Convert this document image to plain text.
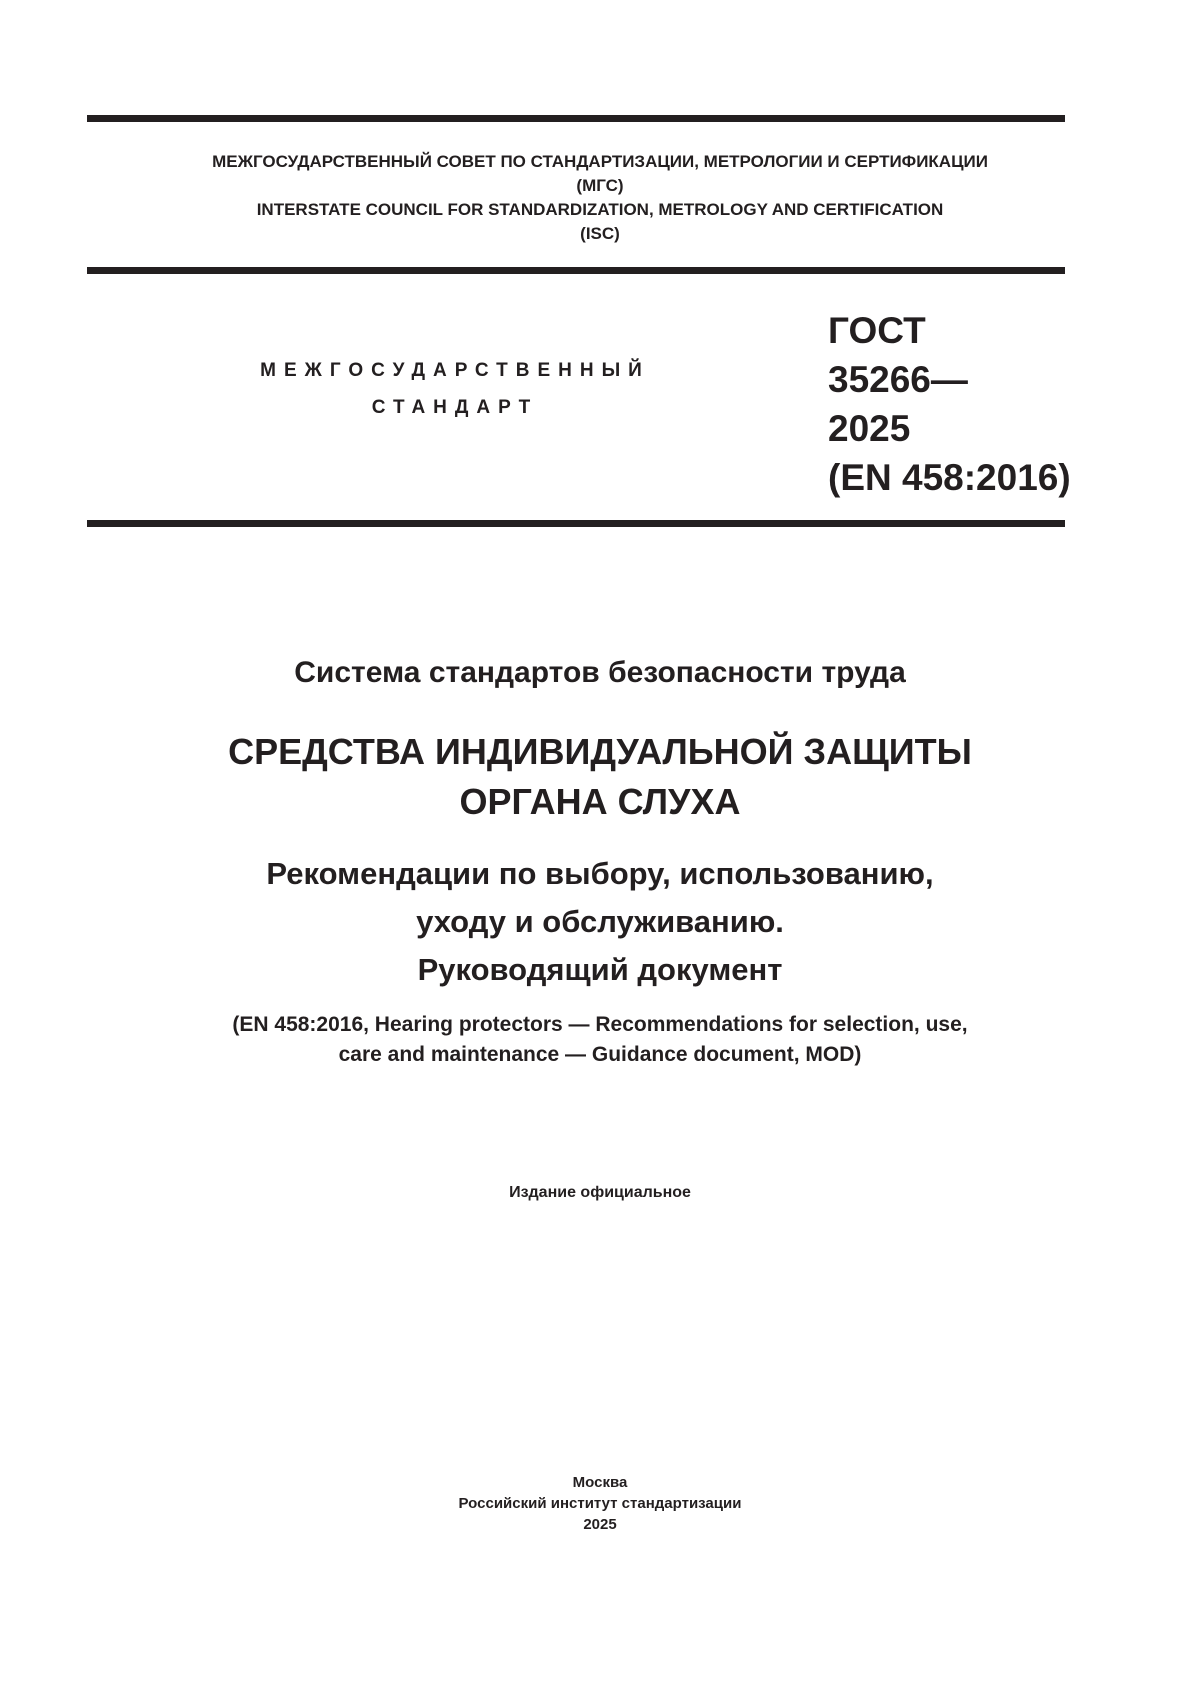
МЕЖГОСУДАРСТВЕННЫЙ СОВЕТ ПО СТАНДАРТИЗАЦИИ, МЕТРОЛОГИИ И СЕРТИФИКАЦИИ
(МГС)
INTERSTATE COUNCIL FOR STANDARDIZATION, METROLOGY AND CERTIFICATION
(ISC)
МЕЖГОСУДАРСТВЕННЫЙ
СТАНДАРТ
ГОСТ
35266—
2025
(EN 458:2016)
Система стандартов безопасности труда
СРЕДСТВА ИНДИВИДУАЛЬНОЙ ЗАЩИТЫ
ОРГАНА СЛУХА
Рекомендации по выбору, использованию,
уходу и обслуживанию.
Руководящий документ
(EN 458:2016, Hearing protectors — Recommendations for selection, use,
care and maintenance — Guidance document, MOD)
Издание официальное
Москва
Российский институт стандартизации
2025
